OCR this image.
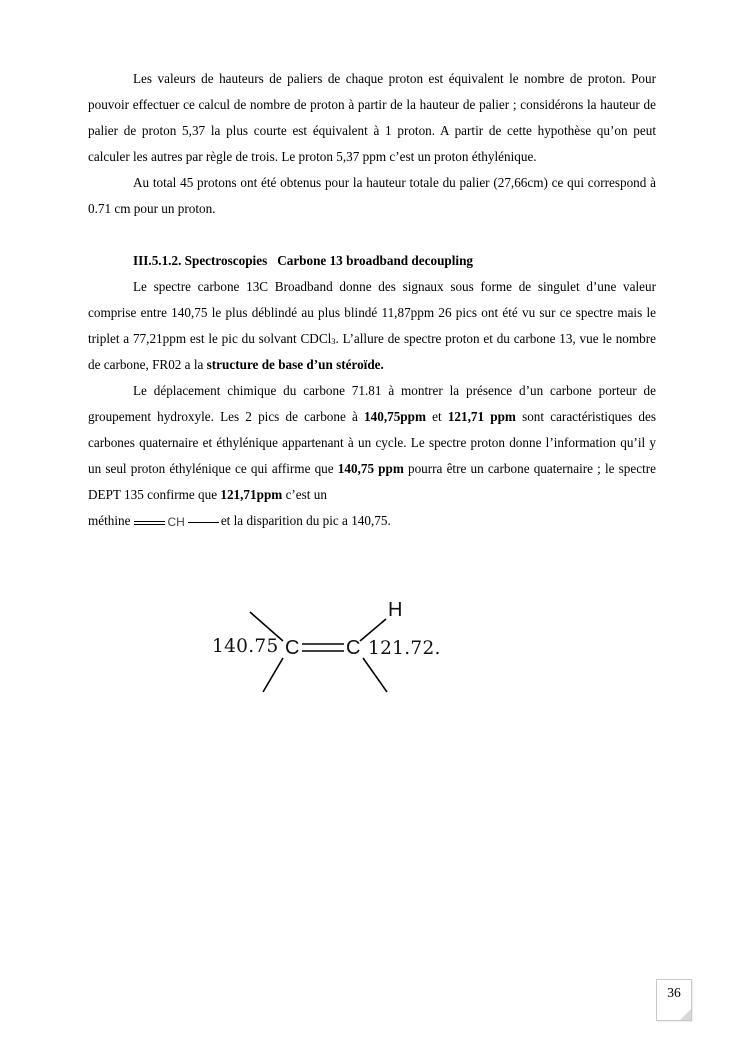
Les valeurs de hauteurs de paliers de chaque proton est équivalent le nombre de proton. Pour pouvoir effectuer ce calcul de nombre de proton à partir de la hauteur de palier ; considérons la hauteur de palier de proton 5,37 la plus courte est équivalent à 1 proton. A partir de cette hypothèse qu’on peut calculer les autres par règle de trois. Le proton 5,37 ppm c’est un proton éthylénique.

Au total 45 protons ont été obtenus pour la hauteur totale du palier (27,66cm) ce qui correspond à 0.71 cm pour un proton.

III.5.1.2. Spectroscopies Carbone 13 broadband decoupling

Le spectre carbone 13C Broadband donne des signaux sous forme de singulet d’une valeur comprise entre 140,75 le plus déblindé au plus blindé 11,87ppm 26 pics ont été vu sur ce spectre mais le triplet a 77,21ppm est le pic du solvant CDCl$_3$. L’allure de spectre proton et du carbone 13, vue le nombre de carbone, FR02 a la structure de base d’un stéroïde.

Le déplacement chimique du carbone 71.81 à montrer la présence d’un carbone porteur de groupement hydroxyle. Les 2 pics de carbone à 140,75ppm et 121,71 ppm sont caractéristiques des carbones quaternaire et éthylénique appartenant à un cycle. Le spectre proton donne l’information qu’il y un seul proton éthylénique ce qui affirme que 140,75 ppm pourra être un carbone quaternaire ; le spectre DEPT 135 confirme que 121,71ppm c’est un

méthine	CH	et la disparition du pic a 140,75.

140.75 C C
H
121.72.
36
